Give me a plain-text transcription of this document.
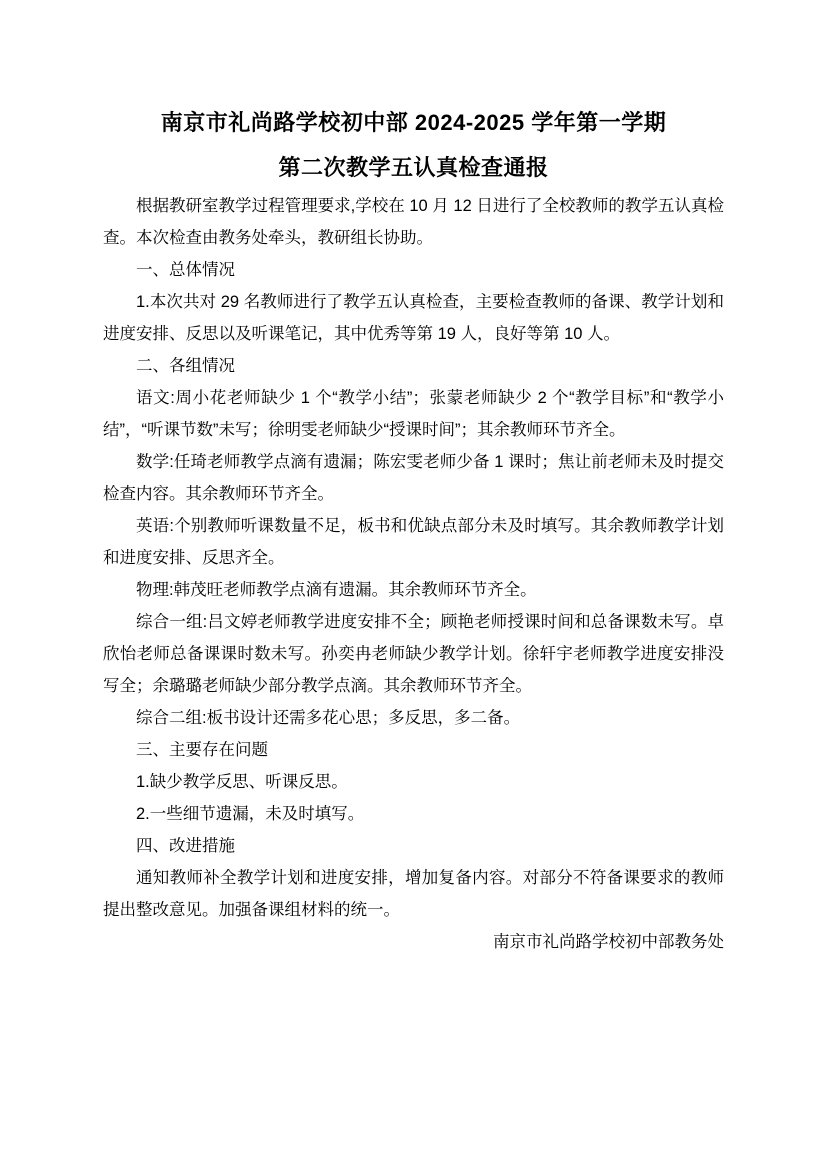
南京市礼尚路学校初中部 2024-2025 学年第一学期
第二次教学五认真检查通报

根据教研室教学过程管理要求,学校在 10 月 12 日进行了全校教师的教学五认真检查。本次检查由教务处牵头，教研组长协助。

一、总体情况

1.本次共对 29 名教师进行了教学五认真检查，主要检查教师的备课、教学计划和进度安排、反思以及听课笔记，其中优秀等第 19 人，良好等第 10 人。

二、各组情况

语文:周小花老师缺少 1 个“教学小结”；张蒙老师缺少 2 个“教学目标”和“教学小结”，“听课节数”未写；徐明雯老师缺少“授课时间”；其余教师环节齐全。

数学:任琦老师教学点滴有遗漏；陈宏雯老师少备 1 课时；焦让前老师未及时提交检查内容。其余教师环节齐全。

英语:个别教师听课数量不足，板书和优缺点部分未及时填写。其余教师教学计划和进度安排、反思齐全。

物理:韩茂旺老师教学点滴有遗漏。其余教师环节齐全。

综合一组:吕文婷老师教学进度安排不全；顾艳老师授课时间和总备课数未写。卓欣怡老师总备课课时数未写。孙奕冉老师缺少教学计划。徐轩宇老师教学进度安排没写全；余璐璐老师缺少部分教学点滴。其余教师环节齐全。

综合二组:板书设计还需多花心思；多反思，多二备。

三、主要存在问题

1.缺少教学反思、听课反思。

2.一些细节遗漏，未及时填写。

四、改进措施

通知教师补全教学计划和进度安排，增加复备内容。对部分不符备课要求的教师提出整改意见。加强备课组材料的统一。

南京市礼尚路学校初中部教务处
